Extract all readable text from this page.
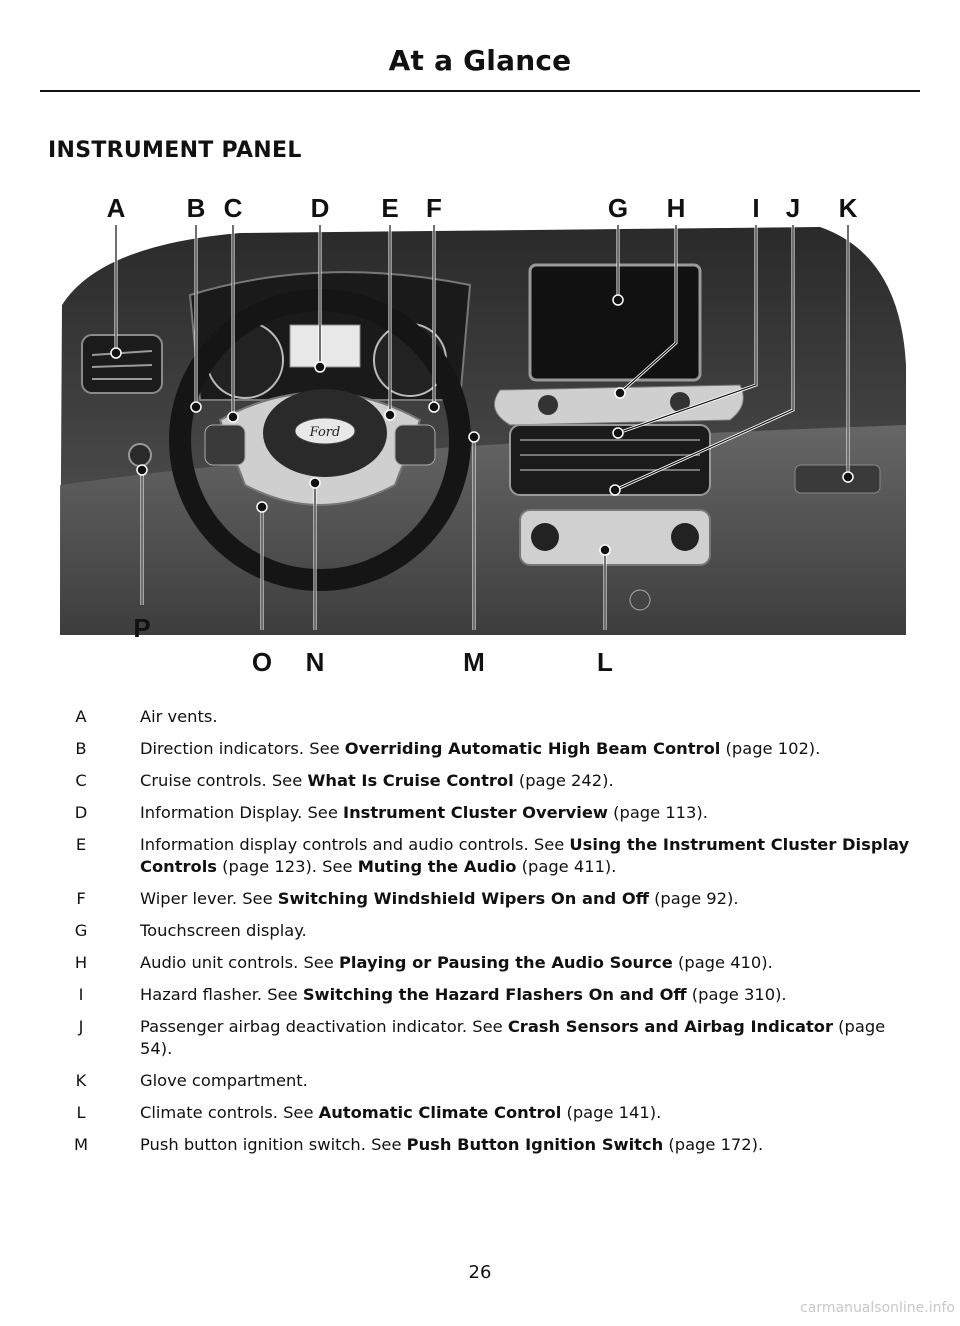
At a Glance
INSTRUMENT PANEL
Ford
A B C	D E F	G H	I J K
P
O N	M	L
A	Air vents.
B	Direction indicators. See Overriding Automatic High Beam Control (page 102).
C	Cruise controls. See What Is Cruise Control (page 242).
D	Information Display. See Instrument Cluster Overview (page 113).
E	Information display controls and audio controls. See Using the Instrument Cluster Display Controls (page 123). See Muting the Audio (page 411).
F	Wiper lever. See Switching Windshield Wipers On and Off (page 92).
G	Touchscreen display.
H	Audio unit controls. See Playing or Pausing the Audio Source (page 410).
I	Hazard flasher. See Switching the Hazard Flashers On and Off (page 310).
J	Passenger airbag deactivation indicator. See Crash Sensors and Airbag Indicator (page 54).
K	Glove compartment.
L	Climate controls. See Automatic Climate Control (page 141).
M	Push button ignition switch. See Push Button Ignition Switch (page 172).
26
carmanualsonline.info
